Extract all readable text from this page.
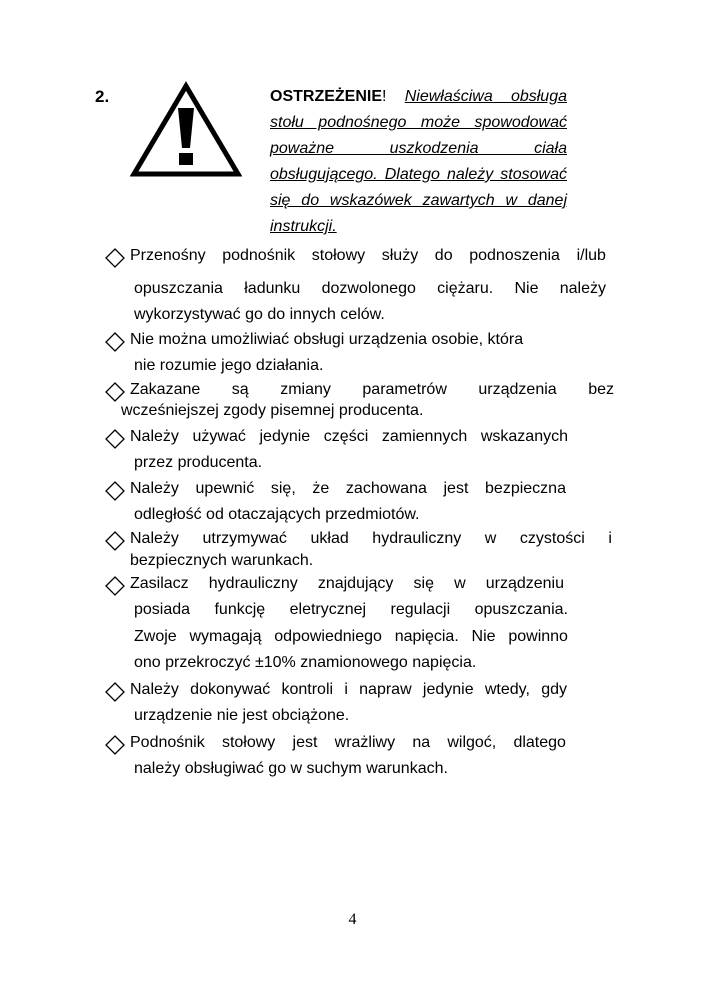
2.	OSTRZEŻENIE! Niewłaściwa obsługa stołu podnośnego może spowodować poważne uszkodzenia ciała obsługującego. Dlatego należy stosować się do wskazówek zawartych w danej instrukcji.
Przenośny podnośnik stołowy służy do podnoszenia i/lub
opuszczania ładunku dozwolonego ciężaru. Nie należy
wykorzystywać go do innych celów.
Nie można umożliwiać obsługi urządzenia osobie, która
nie rozumie jego działania.
Zakazane są zmiany parametrów urządzenia bez
wcześniejszej zgody pisemnej producenta.
Należy używać jedynie części zamiennych wskazanych
przez producenta.
Należy upewnić się, że zachowana jest bezpieczna
odległość od otaczających przedmiotów.
Należy utrzymywać układ hydrauliczny w czystości i
bezpiecznych warunkach.
Zasilacz hydrauliczny znajdujący się w urządzeniu
posiada funkcję eletrycznej regulacji opuszczania.
Zwoje wymagają odpowiedniego napięcia. Nie powinno
ono przekroczyć ±10% znamionowego napięcia.
Należy dokonywać kontroli i napraw jedynie wtedy, gdy
urządzenie nie jest obciążone.
Podnośnik stołowy jest wrażliwy na wilgoć, dlatego
należy obsługiwać go w suchym warunkach.
4
